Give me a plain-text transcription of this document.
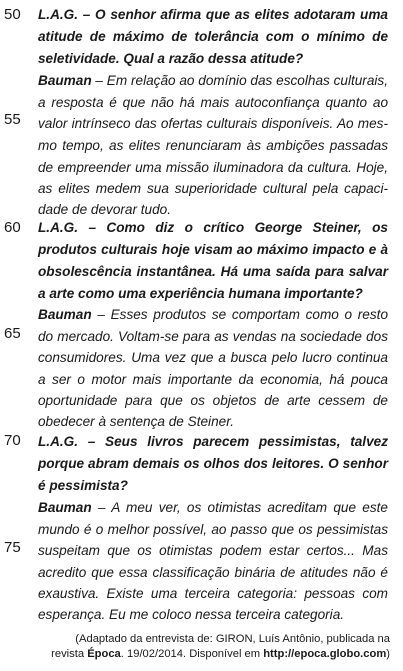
50
55
60
65
70
75
L.A.G. – O senhor afirma que as elites adotaram uma
atitude de máximo de tolerância com o mínimo de
seletividade. Qual a razão dessa atitude?
Bauman – Em relação ao domínio das escolhas culturais,
a resposta é que não há mais autoconfiança quanto ao
valor intrínseco das ofertas culturais disponíveis. Ao mes-
mo tempo, as elites renunciaram às ambições passadas
de empreender uma missão iluminadora da cultura. Hoje,
as elites medem sua superioridade cultural pela capaci-
dade de devorar tudo.
L.A.G. – Como diz o crítico George Steiner, os
produtos culturais hoje visam ao máximo impacto e à
obsolescência instantânea. Há uma saída para salvar
a arte como uma experiência humana importante?
Bauman – Esses produtos se comportam como o resto
do mercado. Voltam-se para as vendas na sociedade dos
consumidores. Uma vez que a busca pelo lucro continua
a ser o motor mais importante da economia, há pouca
oportunidade para que os objetos de arte cessem de
obedecer à sentença de Steiner.
L.A.G. – Seus livros parecem pessimistas, talvez
porque abram demais os olhos dos leitores. O senhor
é pessimista?
Bauman – A meu ver, os otimistas acreditam que este
mundo é o melhor possível, ao passo que os pessimistas
suspeitam que os otimistas podem estar certos... Mas
acredito que essa classificação binária de atitudes não é
exaustiva. Existe uma terceira categoria: pessoas com
esperança. Eu me coloco nessa terceira categoria.
(Adaptado da entrevista de: GIRON, Luís Antônio, publicada na
revista Época. 19/02/2014. Disponível em http://epoca.globo.com)
